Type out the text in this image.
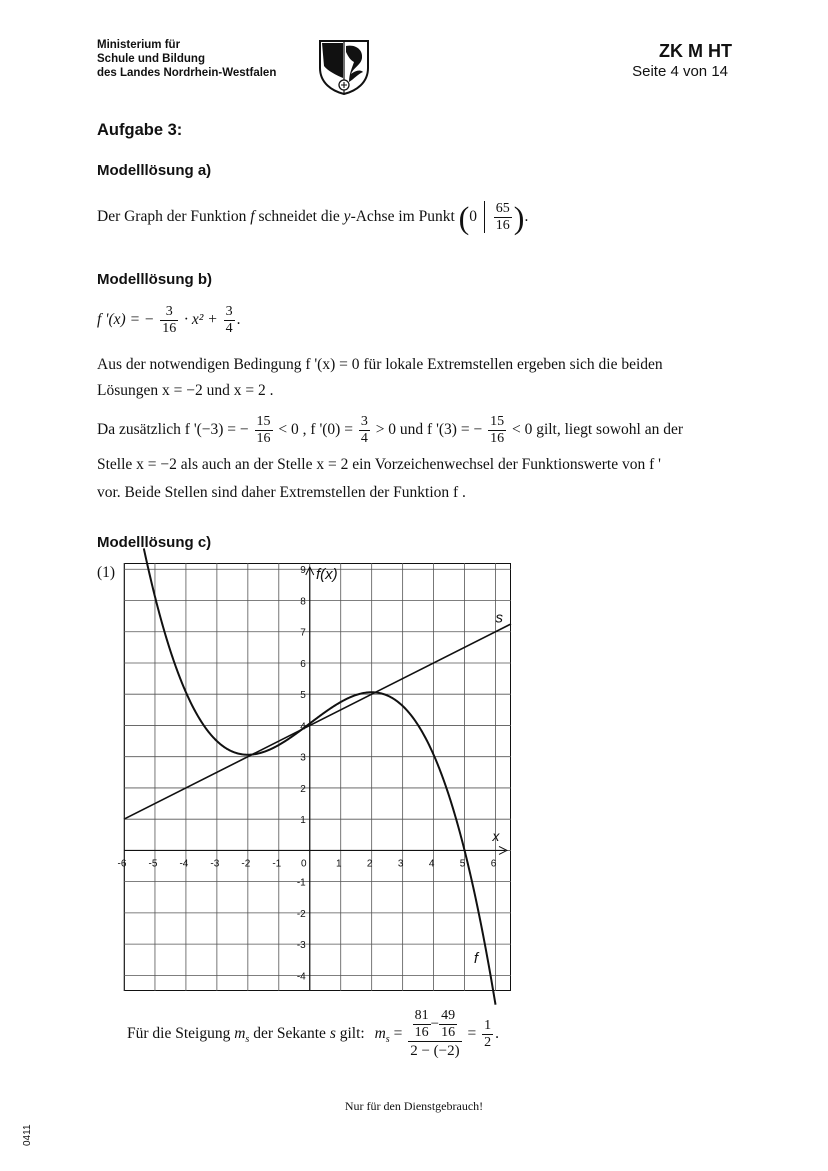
Ministerium für
Schule und Bildung
des Landes Nordrhein-Westfalen
ZK M HT
Seite 4 von 14
Aufgabe 3:
Modelllösung a)
Der Graph der Funktion f schneidet die y-Achse im Punkt ($0 \frac{65}{16}$ ).
Modelllösung b)
f '(x) = − $\frac{3}{16} \cdot x^2 + \frac{3}{4}$ .
Aus der notwendigen Bedingung f '(x) = 0 für lokale Extremstellen ergeben sich die beiden
Lösungen x = −2 und x = 2 .
Da zusätzlich f '(−3) = − $\frac{15}{16} < 0$ , f '$(0) = \frac{3}{4} > 0$ und f '(3) = − $\frac{15}{16} < 0$ gilt, liegt sowohl an der
Stelle x = −2 als auch an der Stelle x = 2 ein Vorzeichenwechsel der Funktionswerte von f '
vor. Beide Stellen sind daher Extremstellen der Funktion f .
Modelllösung c)
(1)
-6 -5 -4 -3 -2 -1 0	1	2	3	4	5	6
-4
-3
-2
-1
1
2
3
4
5
6
7
8
9
f
s
x
f(x)
Für die Steigung $m_s$ der Sekante s gilt: $m_s = \frac{\frac{81}{16} - \frac{49}{16}}{2 - (-2)} = \frac{1}{2}$ .
Nur für den Dienstgebrauch!
0411
